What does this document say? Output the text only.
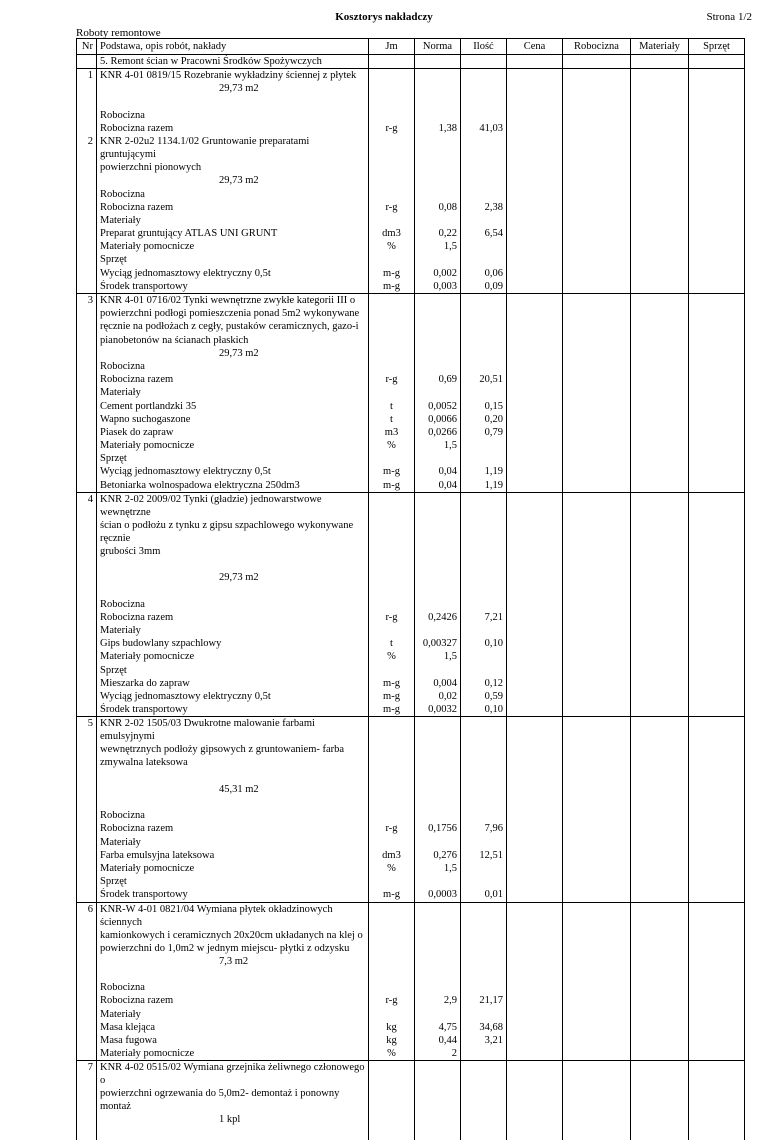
Kosztorys nakładczy	Strona 1/2
Roboty remontowe
Nr	Podstawa, opis robót, nakłady	Jm	Norma	Ilość	Cena	Robocizna	Materiały	Sprzęt
	5. Remont ścian w Pracowni Środków Spożywczych							
1	KNR 4-01 0819/15 Rozebranie wykładziny ściennej z płytek							
	29,73 m2							

	Robocizna							
	Robocizna razem	r-g	1,38	41,03				
2	KNR 2-02u2 1134.1/02 Gruntowanie preparatami gruntującymi							
	powierzchni pionowych							
	29,73 m2							
	Robocizna							
	Robocizna razem	r-g	0,08	2,38				
	Materiały							
	Preparat gruntujący ATLAS UNI GRUNT	dm3	0,22	6,54				
	Materiały pomocnicze	%	1,5					
	Sprzęt							
	Wyciąg jednomasztowy elektryczny 0,5t	m-g	0,002	0,06				
	Środek transportowy	m-g	0,003	0,09				
3	KNR 4-01 0716/02 Tynki wewnętrzne zwykłe kategorii III o							
	powierzchni podłogi pomieszczenia ponad 5m2 wykonywane							
	ręcznie na podłożach z cegły, pustaków ceramicznych, gazo-i							
	pianobetonów na ścianach płaskich							
	29,73 m2							
	Robocizna							
	Robocizna razem	r-g	0,69	20,51				
	Materiały							
	Cement portlandzki 35	t	0,0052	0,15				
	Wapno suchogaszone	t	0,0066	0,20				
	Piasek do zapraw	m3	0,0266	0,79				
	Materiały pomocnicze	%	1,5					
	Sprzęt							
	Wyciąg jednomasztowy elektryczny 0,5t	m-g	0,04	1,19				
	Betoniarka wolnospadowa elektryczna 250dm3	m-g	0,04	1,19				
4	KNR 2-02 2009/02 Tynki (gładzie) jednowarstwowe wewnętrzne							
	ścian o podłożu z tynku z gipsu szpachlowego wykonywane ręcznie							
	grubości 3mm							

	29,73 m2							

	Robocizna							
	Robocizna razem	r-g	0,2426	7,21				
	Materiały							
	Gips budowlany szpachlowy	t	0,00327	0,10				
	Materiały pomocnicze	%	1,5					
	Sprzęt							
	Mieszarka do zapraw	m-g	0,004	0,12				
	Wyciąg jednomasztowy elektryczny 0,5t	m-g	0,02	0,59				
	Środek transportowy	m-g	0,0032	0,10				
5	KNR 2-02 1505/03 Dwukrotne malowanie farbami emulsyjnymi							
	wewnętrznych podłoży gipsowych z gruntowaniem- farba							
	zmywalna lateksowa							

	45,31 m2							

	Robocizna							
	Robocizna razem	r-g	0,1756	7,96				
	Materiały							
	Farba emulsyjna lateksowa	dm3	0,276	12,51				
	Materiały pomocnicze	%	1,5					
	Sprzęt							
	Środek transportowy	m-g	0,0003	0,01				
6	KNR-W 4-01 0821/04 Wymiana płytek okładzinowych ściennych							
	kamionkowych i ceramicznych 20x20cm układanych na klej o							
	powierzchni do 1,0m2 w jednym miejscu- płytki z odzysku							
	7,3 m2							

	Robocizna							
	Robocizna razem	r-g	2,9	21,17				
	Materiały							
	Masa klejąca	kg	4,75	34,68				
	Masa fugowa	kg	0,44	3,21				
	Materiały pomocnicze	%	2					
7	KNR 4-02 0515/02 Wymiana grzejnika żeliwnego członowego o							
	powierzchni ogrzewania do 5,0m2- demontaż i ponowny montaż							
	1 kpl							
